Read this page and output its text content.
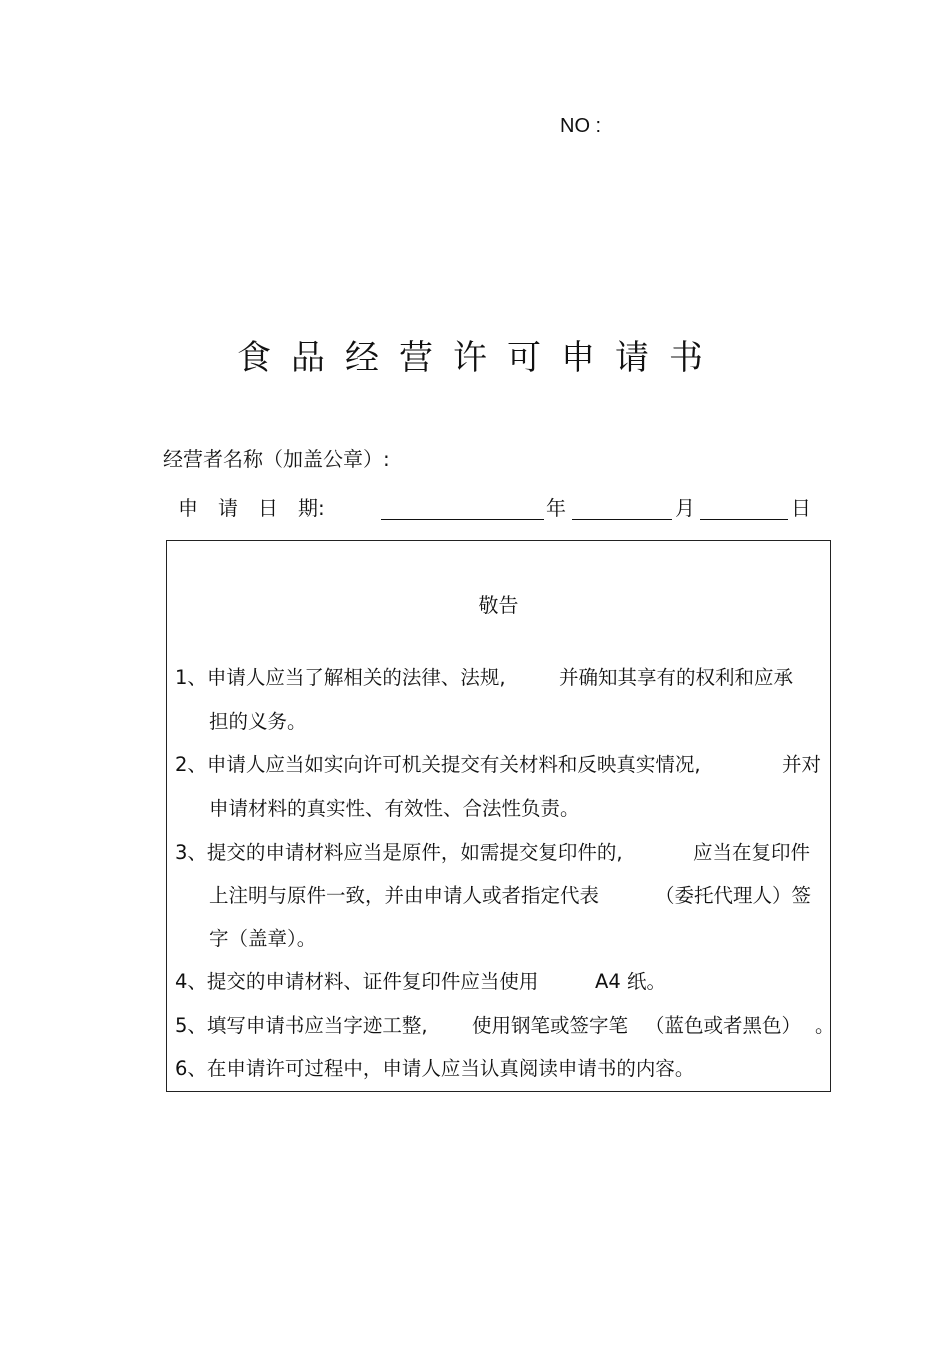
NO :
食品经营许可申请书
经营者名称（加盖公章）:
申　请　日　期:	年	月	日
敬告
1、申请人应当了解相关的法律、法规,	并确知其享有的权利和应承
担的义务。
2、申请人应当如实向许可机关提交有关材料和反映真实情况,	并对
申请材料的真实性、有效性、合法性负责。
3、提交的申请材料应当是原件，如需提交复印件的,	应当在复印件
上注明与原件一致，并由申请人或者指定代表	（委托代理人）签
字（盖章）。
4、提交的申请材料、证件复印件应当使用	A4 纸。
5、填写申请书应当字迹工整, 使用钢笔或签字笔 （蓝色或者黑色） 。
6、在申请许可过程中，申请人应当认真阅读申请书的内容。
